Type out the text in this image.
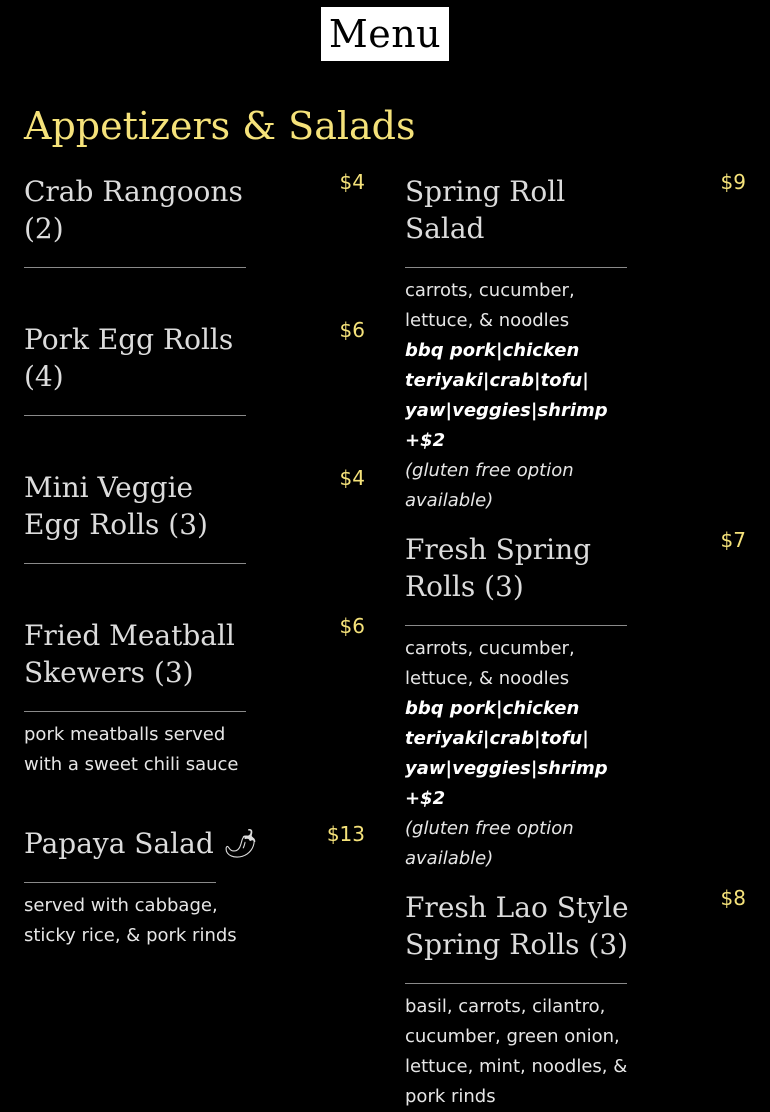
Menu
Appetizers & Salads
Crab Rangoons (2)
$4
Pork Egg Rolls (4)
$6
Mini Veggie Egg Rolls (3)
$4
Fried Meatball Skewers (3)
$6
pork meatballs served with a sweet chili sauce
Papaya Salad 🌶	$13
served with cabbage, sticky rice, & pork rinds
Spring Roll Salad
$9
carrots, cucumber, lettuce, & noodles
bbq pork|chicken teriyaki|crab|tofu| yaw|veggies|shrimp +$2
(gluten free option available)
Fresh Spring Rolls (3)
$7
carrots, cucumber, lettuce, & noodles
bbq pork|chicken teriyaki|crab|tofu| yaw|veggies|shrimp +$2
(gluten free option available)
Fresh Lao Style Spring Rolls (3)
$8
basil, carrots, cilantro, cucumber, green onion, lettuce, mint, noodles, & pork rinds
